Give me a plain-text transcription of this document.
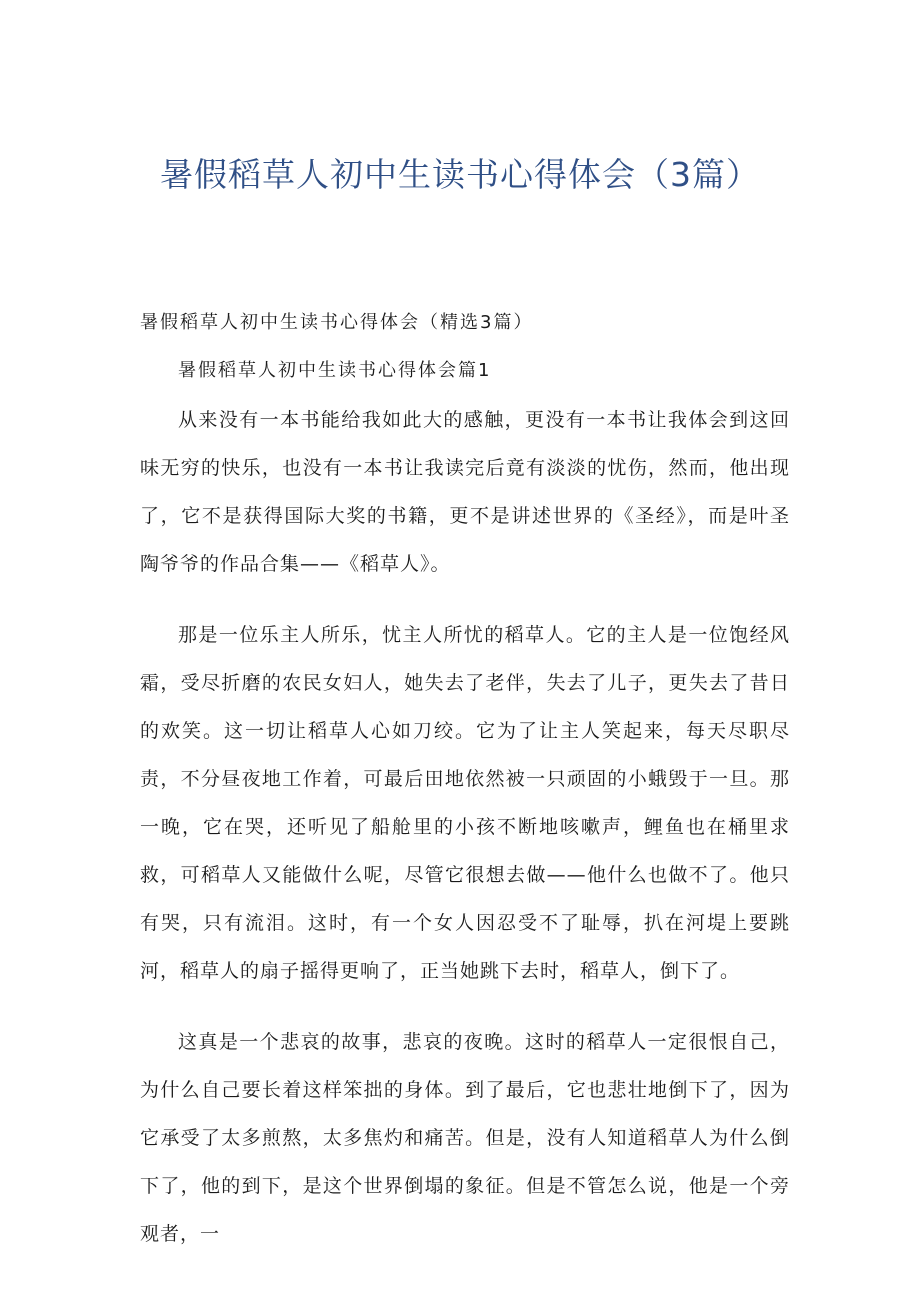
暑假稻草人初中生读书心得体会（3篇）

暑假稻草人初中生读书心得体会（精选3篇）

暑假稻草人初中生读书心得体会篇1

从来没有一本书能给我如此大的感触，更没有一本书让我体会到这回味无穷的快乐，也没有一本书让我读完后竟有淡淡的忧伤，然而，他出现了，它不是获得国际大奖的书籍，更不是讲述世界的《圣经》，而是叶圣陶爷爷的作品合集——《稻草人》。

那是一位乐主人所乐，忧主人所忧的稻草人。它的主人是一位饱经风霜，受尽折磨的农民女妇人，她失去了老伴，失去了儿子，更失去了昔日的欢笑。这一切让稻草人心如刀绞。它为了让主人笑起来，每天尽职尽责，不分昼夜地工作着，可最后田地依然被一只顽固的小蛾毁于一旦。那一晚，它在哭，还听见了船舱里的小孩不断地咳嗽声，鲤鱼也在桶里求救，可稻草人又能做什么呢，尽管它很想去做——他什么也做不了。他只有哭，只有流泪。这时，有一个女人因忍受不了耻辱，扒在河堤上要跳河，稻草人的扇子摇得更响了，正当她跳下去时，稻草人，倒下了。

这真是一个悲哀的故事，悲哀的夜晚。这时的稻草人一定很恨自己，为什么自己要长着这样笨拙的身体。到了最后，它也悲壮地倒下了，因为它承受了太多煎熬，太多焦灼和痛苦。但是，没有人知道稻草人为什么倒下了，他的到下，是这个世界倒塌的象征。但是不管怎么说，他是一个旁观者，一
